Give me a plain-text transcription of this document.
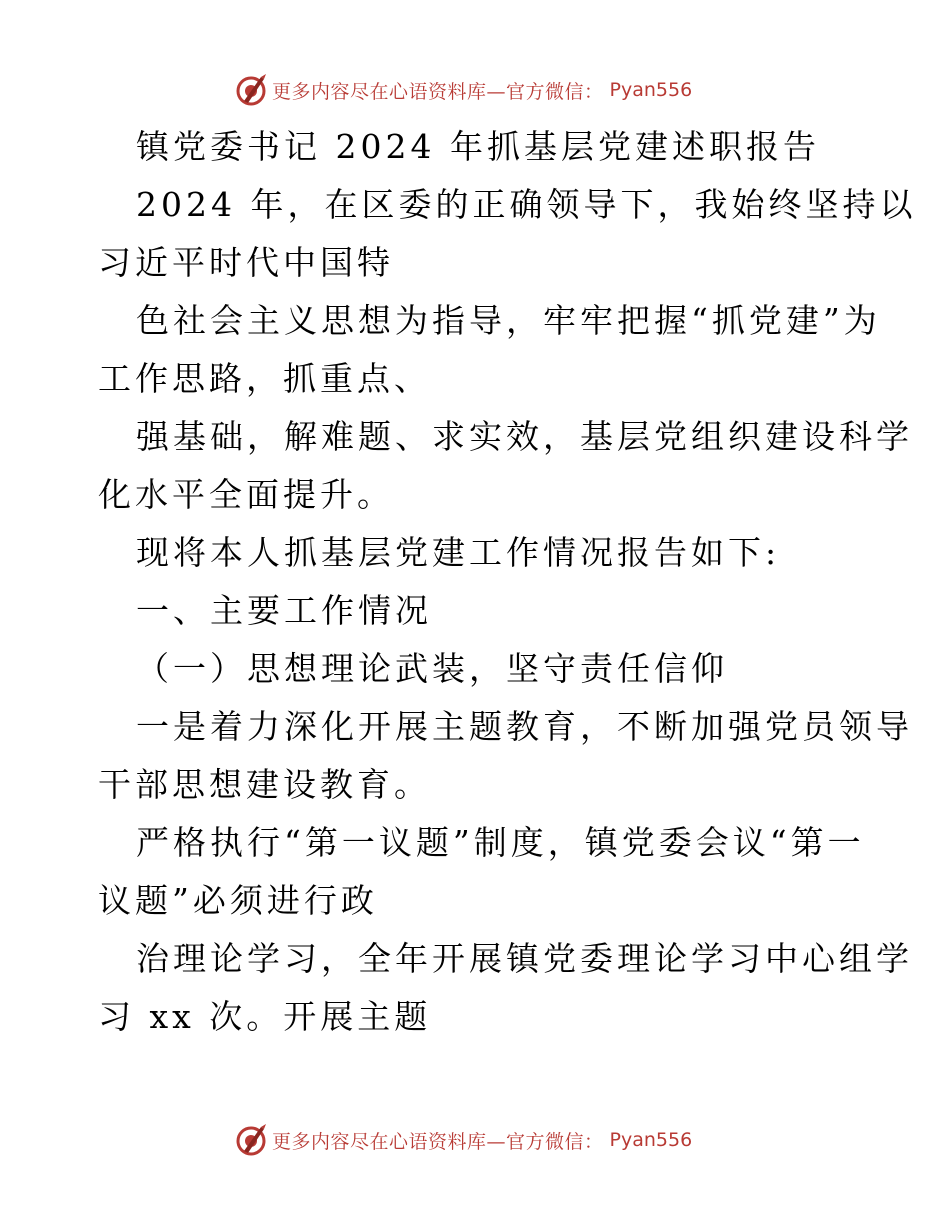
更多内容尽在心语资料库—官方微信： Pyan556
镇党委书记 2024 年抓基层党建述职报告
2024 年，在区委的正确领导下，我始终坚持以
习近平时代中国特
色社会主义思想为指导，牢牢把握“抓党建”为
工作思路，抓重点、
强基础，解难题、求实效，基层党组织建设科学
化水平全面提升。
现将本人抓基层党建工作情况报告如下:
一、主要工作情况
（一）思想理论武装，坚守责任信仰
一是着力深化开展主题教育，不断加强党员领导
干部思想建设教育。
严格执行“第一议题”制度，镇党委会议“第一
议题”必须进行政
治理论学习，全年开展镇党委理论学习中心组学
习 xx 次。开展主题
更多内容尽在心语资料库—官方微信： Pyan556
